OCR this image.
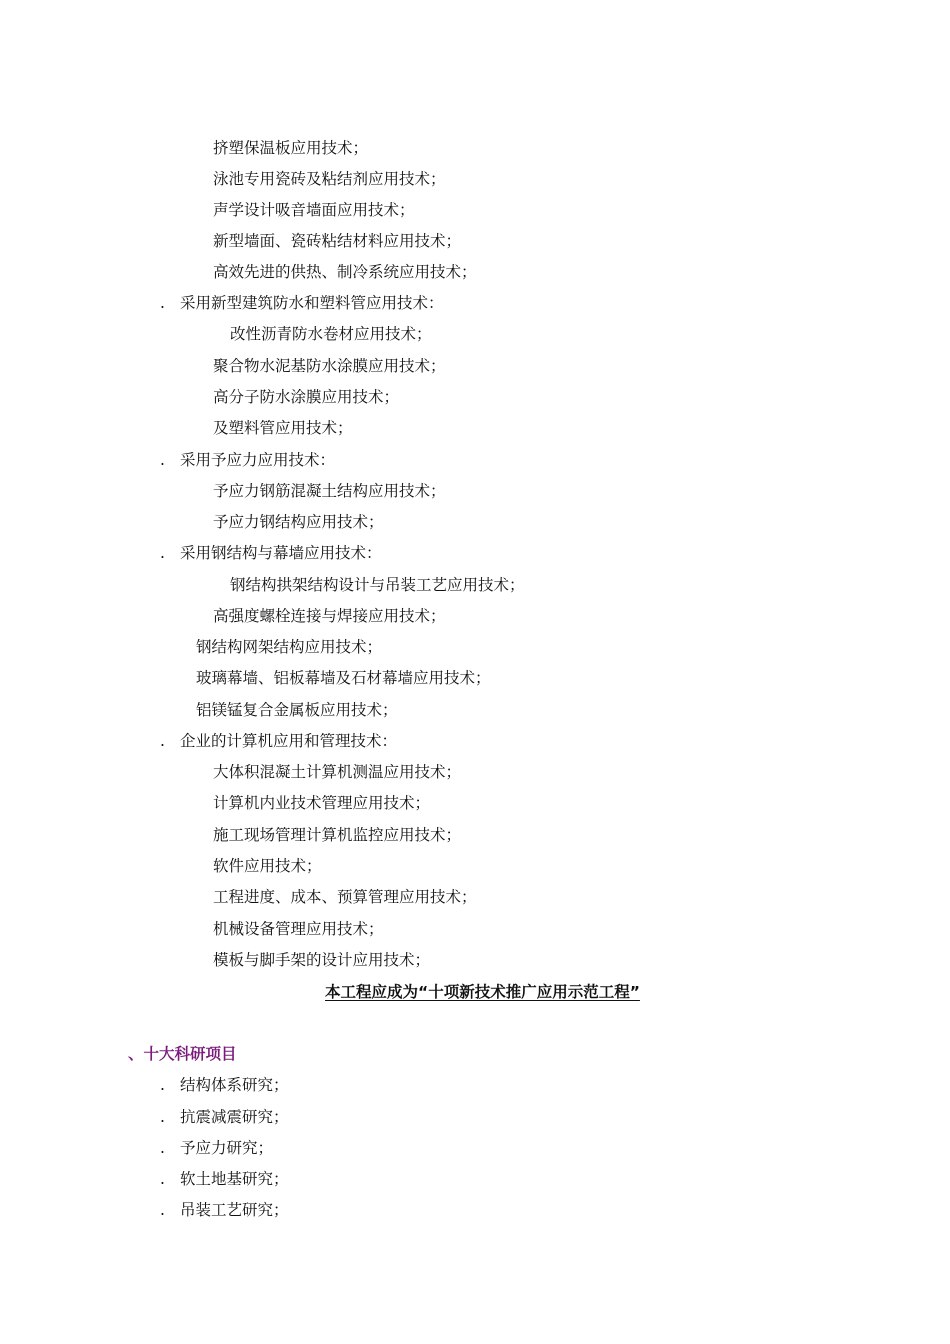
挤塑保温板应用技术；
泳池专用瓷砖及粘结剂应用技术；
声学设计吸音墙面应用技术；
新型墙面、瓷砖粘结材料应用技术；
高效先进的供热、制冷系统应用技术；
. 采用新型建筑防水和塑料管应用技术：
改性沥青防水卷材应用技术；
聚合物水泥基防水涂膜应用技术；
高分子防水涂膜应用技术；
及塑料管应用技术；
. 采用予应力应用技术：
予应力钢筋混凝土结构应用技术；
予应力钢结构应用技术；
. 采用钢结构与幕墙应用技术：
钢结构拱架结构设计与吊装工艺应用技术；
高强度螺栓连接与焊接应用技术；
钢结构网架结构应用技术；
玻璃幕墙、铝板幕墙及石材幕墙应用技术；
铝镁锰复合金属板应用技术；
. 企业的计算机应用和管理技术：
大体积混凝土计算机测温应用技术；
计算机内业技术管理应用技术；
施工现场管理计算机监控应用技术；
软件应用技术；
工程进度、成本、预算管理应用技术；
机械设备管理应用技术；
模板与脚手架的设计应用技术；
本工程应成为“十项新技术推广应用示范工程”
、十大科研项目
. 结构体系研究；
. 抗震减震研究；
. 予应力研究；
. 软土地基研究；
. 吊装工艺研究；
